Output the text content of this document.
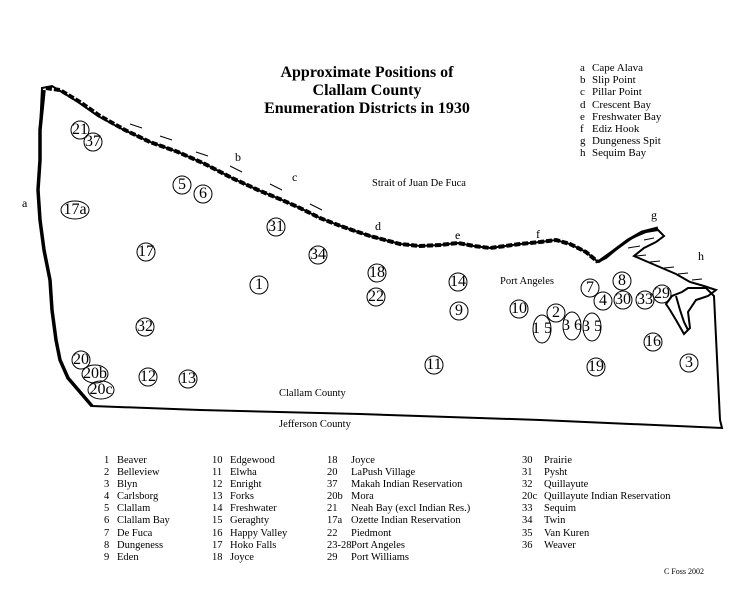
21
37
5
6
17a
31
17	34
1
18
22
14
9	10
1 5
2
3 6 3 5
7
4
8
30 33 29
16
3
19
11
32
20
20b
20c
12 13
Approximate Positions of
Clallam County
Enumeration Districts in 1930
a Cape Alava
b Slip Point
c Pillar Point
d Crescent Bay
e Freshwater Bay
f Ediz Hook
g Dungeness Spit
h Sequim Bay
a
b
c
d
e	f
g
h
Strait of Juan De Fuca
Port Angeles
Clallam County
Jefferson County
1 Beaver
2 Belleview
3 Blyn
4 Carlsborg
5 Clallam
6 Clallam Bay
7 De Fuca
8 Dungeness
9 Eden
10 Edgewood
11 Elwha
12 Enright
13 Forks
14 Freshwater
15 Geraghty
16 Happy Valley
17 Hoko Falls
18 Joyce
18 Joyce
20 LaPush Village
37 Makah Indian Reservation
20b Mora
21 Neah Bay (excl Indian Res.)
17a Ozette Indian Reservation
22 Piedmont
23-28Port Angeles
29 Port Williams
30 Prairie
31 Pysht
32 Quillayute
20c Quillayute Indian Reservation
33 Sequim
34 Twin
35 Van Kuren
36 Weaver
C Foss 2002
